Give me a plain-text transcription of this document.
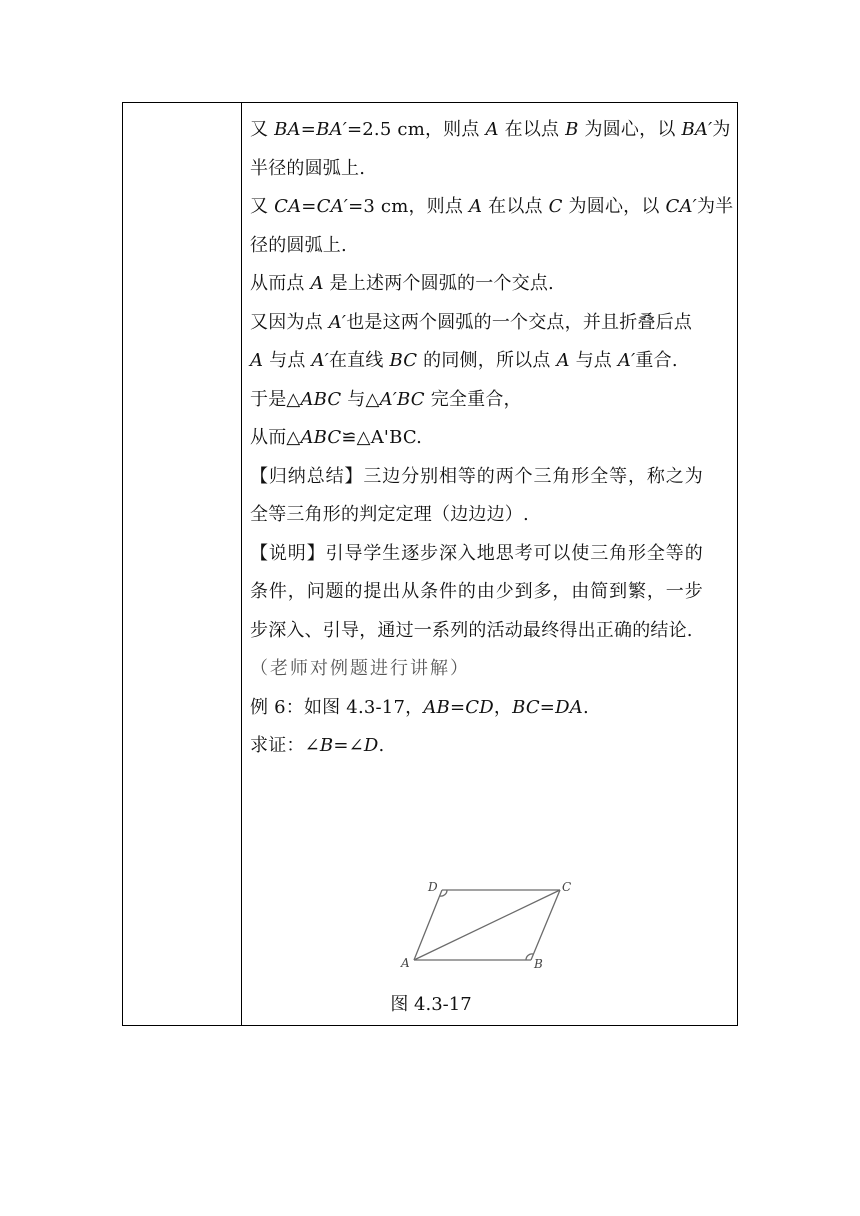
又 BA=BA′=2.5 cm，则点 A 在以点 B 为圆心，以 BA′为
半径的圆弧上.
又 CA=CA′=3 cm，则点 A 在以点 C 为圆心，以 CA′为半
径的圆弧上.
从而点 A 是上述两个圆弧的一个交点.
又因为点 A′也是这两个圆弧的一个交点，并且折叠后点
A 与点 A′在直线 BC 的同侧，所以点 A 与点 A′重合.
于是△ABC 与△A′BC 完全重合，
从而△ABC≌△A'BC.
【归纳总结】三边分别相等的两个三角形全等，称之为
全等三角形的判定定理（边边边）.
【说明】引导学生逐步深入地思考可以使三角形全等的
条件，问题的提出从条件的由少到多，由简到繁，一步
步深入、引导，通过一系列的活动最终得出正确的结论.
（老师对例题进行讲解）
例 6：如图 4.3-17，AB=CD，BC=DA.
求证：∠B=∠D.
D	C
A	B
图 4.3-17
